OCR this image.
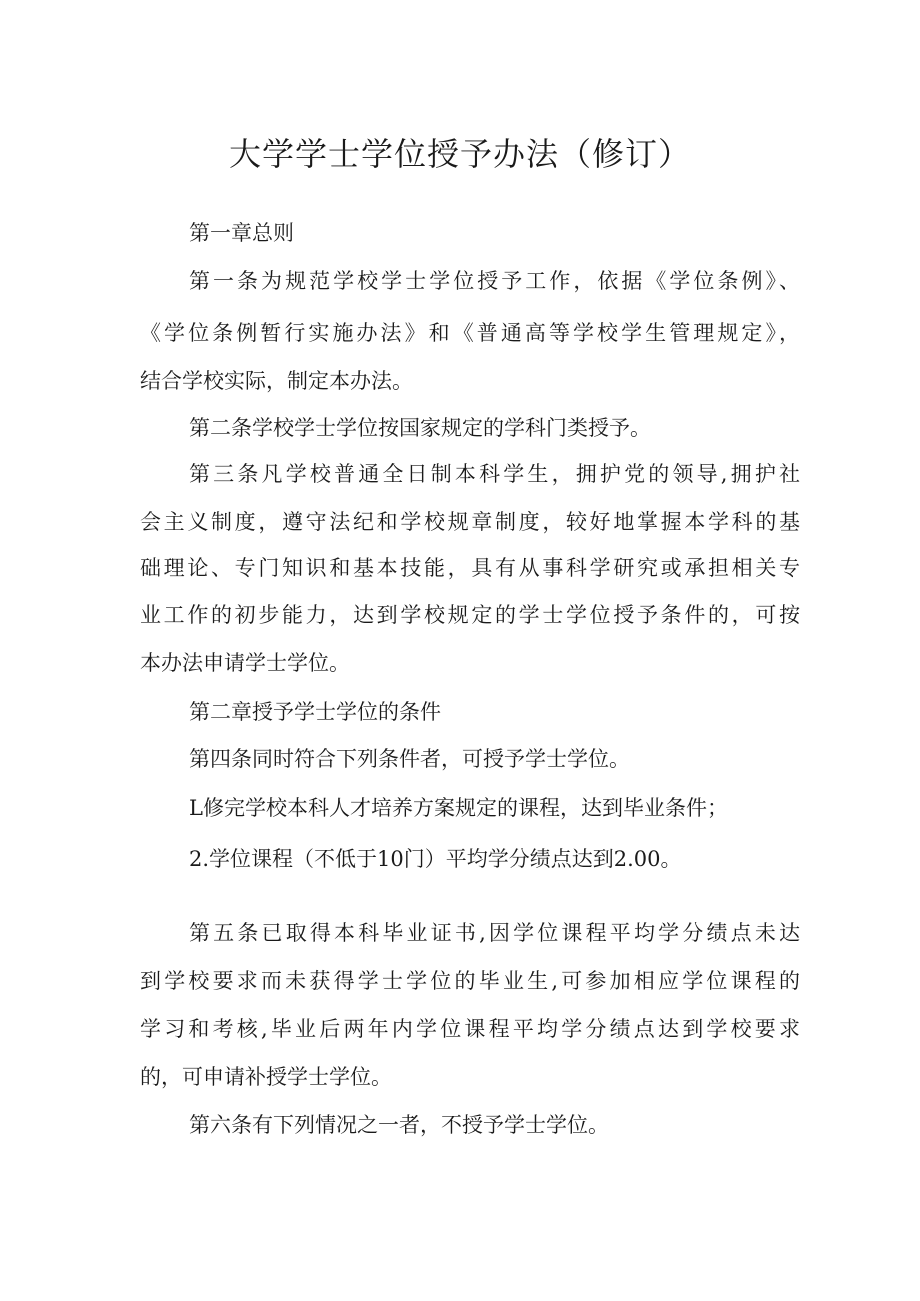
大学学士学位授予办法（修订）

第一章总则

第一条为规范学校学士学位授予工作，依据《学位条例》、

《学位条例暂行实施办法》和《普通高等学校学生管理规定》，

结合学校实际，制定本办法。

第二条学校学士学位按国家规定的学科门类授予。

第三条凡学校普通全日制本科学生，拥护党的领导,拥护社

会主义制度，遵守法纪和学校规章制度，较好地掌握本学科的基

础理论、专门知识和基本技能，具有从事科学研究或承担相关专

业工作的初步能力，达到学校规定的学士学位授予条件的，可按

本办法申请学士学位。

第二章授予学士学位的条件

第四条同时符合下列条件者，可授予学士学位。

L修完学校本科人才培养方案规定的课程，达到毕业条件；

2.学位课程（不低于10门）平均学分绩点达到2.00。

第五条已取得本科毕业证书,因学位课程平均学分绩点未达

到学校要求而未获得学士学位的毕业生,可参加相应学位课程的

学习和考核,毕业后两年内学位课程平均学分绩点达到学校要求

的，可申请补授学士学位。

第六条有下列情况之一者，不授予学士学位。
